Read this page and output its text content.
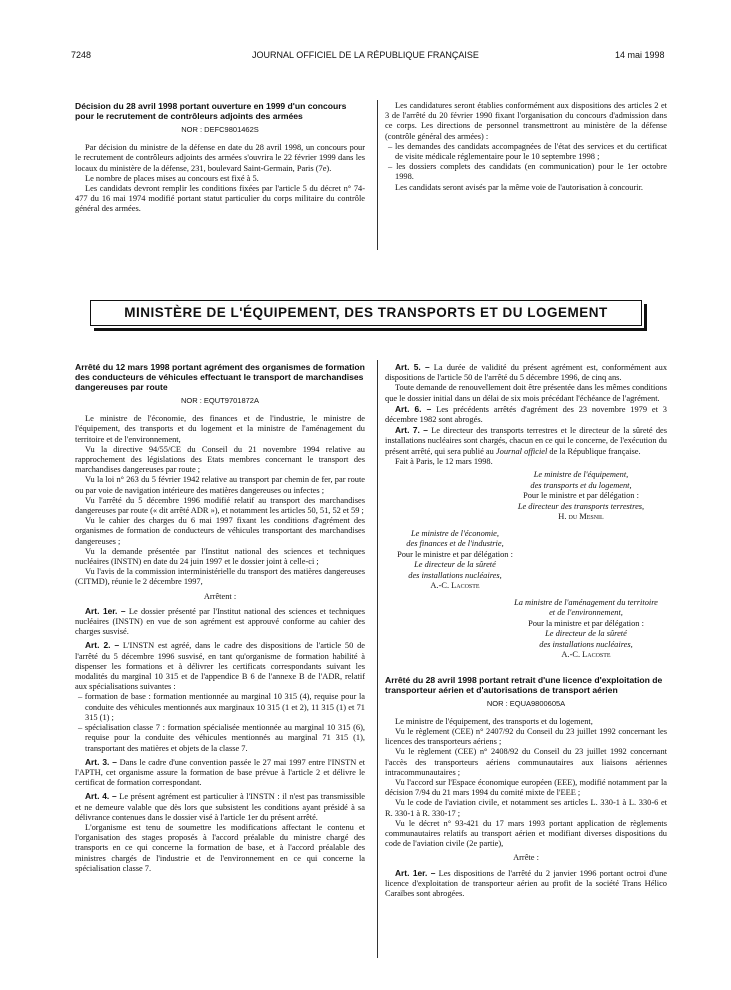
7248	JOURNAL OFFICIEL DE LA RÉPUBLIQUE FRANÇAISE	14 mai 1998
Décision du 28 avril 1998 portant ouverture en 1999 d'un concours pour le recrutement de contrôleurs adjoints des armées
NOR : DEFC9801462S

Par décision du ministre de la défense en date du 28 avril 1998, un concours pour le recrutement de contrôleurs adjoints des armées s'ouvrira le 22 février 1999 dans les locaux du ministère de la défense, 231, boulevard Saint-Germain, Paris (7e).

Le nombre de places mises au concours est fixé à 5.

Les candidats devront remplir les conditions fixées par l'article 5 du décret n° 74-477 du 16 mai 1974 modifié portant statut particulier du corps militaire du contrôle général des armées.

Les candidatures seront établies conformément aux dispositions des articles 2 et 3 de l'arrêté du 20 février 1990 fixant l'organisation du concours d'admission dans ce corps. Les directions de personnel transmettront au ministère de la défense (contrôle général des armées) :

– les demandes des candidats accompagnées de l'état des services et du certificat de visite médicale réglementaire pour le 10 septembre 1998 ;

– les dossiers complets des candidats (en communication) pour le 1er octobre 1998.

Les candidats seront avisés par la même voie de l'autorisation à concourir.

MINISTÈRE DE L'ÉQUIPEMENT, DES TRANSPORTS ET DU LOGEMENT
Arrêté du 12 mars 1998 portant agrément des organismes de formation des conducteurs de véhicules effectuant le transport de marchandises dangereuses par route
NOR : EQUT9701872A

Le ministre de l'économie, des finances et de l'industrie, le ministre de l'équipement, des transports et du logement et la ministre de l'aménagement du territoire et de l'environnement,

Vu la directive 94/55/CE du Conseil du 21 novembre 1994 relative au rapprochement des législations des Etats membres concernant le transport des marchandises dangereuses par route ;

Vu la loi n° 263 du 5 février 1942 relative au transport par chemin de fer, par route ou par voie de navigation intérieure des matières dangereuses ou infectes ;

Vu l'arrêté du 5 décembre 1996 modifié relatif au transport des marchandises dangereuses par route (« dit arrêté ADR »), et notamment les articles 50, 51, 52 et 59 ;

Vu le cahier des charges du 6 mai 1997 fixant les conditions d'agrément des organismes de formation de conducteurs de véhicules transportant des marchandises dangereuses ;

Vu la demande présentée par l'Institut national des sciences et techniques nucléaires (INSTN) en date du 24 juin 1997 et le dossier joint à celle-ci ;

Vu l'avis de la commission interministérielle du transport des matières dangereuses (CITMD), réunie le 2 décembre 1997,

Arrêtent :

Art. 1er. – Le dossier présenté par l'Institut national des sciences et techniques nucléaires (INSTN) en vue de son agrément est approuvé conforme au cahier des charges susvisé.

Art. 2. – L'INSTN est agréé, dans le cadre des dispositions de l'article 50 de l'arrêté du 5 décembre 1996 susvisé, en tant qu'organisme de formation habilité à dispenser les formations et à délivrer les certificats correspondants suivant les modalités du marginal 10 315 et de l'appendice B 6 de l'annexe B de l'ADR, relatif aux spécialisations suivantes :

– formation de base : formation mentionnée au marginal 10 315 (4), requise pour la conduite des véhicules mentionnés aux marginaux 10 315 (1 et 2), 11 315 (1) et 71 315 (1) ;

– spécialisation classe 7 : formation spécialisée mentionnée au marginal 10 315 (6), requise pour la conduite des véhicules mentionnés au marginal 71 315 (1), transportant des matières et objets de la classe 7.

Art. 3. – Dans le cadre d'une convention passée le 27 mai 1997 entre l'INSTN et l'APTH, cet organisme assure la formation de base prévue à l'article 2 et délivre le certificat de formation correspondant.

Art. 4. – Le présent agrément est particulier à l'INSTN : il n'est pas transmissible et ne demeure valable que dès lors que subsistent les conditions ayant présidé à sa délivrance contenues dans le dossier visé à l'article 1er du présent arrêté.

L'organisme est tenu de soumettre les modifications affectant le contenu et l'organisation des stages proposés à l'accord préalable du ministre chargé des transports en ce qui concerne la formation de base, et à l'accord préalable des ministres chargés de l'industrie et de l'environnement en ce qui concerne la spécialisation classe 7.

Art. 5. – La durée de validité du présent agrément est, conformément aux dispositions de l'article 50 de l'arrêté du 5 décembre 1996, de cinq ans.

Toute demande de renouvellement doit être présentée dans les mêmes conditions que le dossier initial dans un délai de six mois précédant l'échéance de l'agrément.

Art. 6. – Les précédents arrêtés d'agrément des 23 novembre 1979 et 3 décembre 1982 sont abrogés.

Art. 7. – Le directeur des transports terrestres et le directeur de la sûreté des installations nucléaires sont chargés, chacun en ce qui le concerne, de l'exécution du présent arrêté, qui sera publié au Journal officiel de la République française.

Fait à Paris, le 12 mars 1998.

Le ministre de l'équipement,
des transports et du logement,
Pour le ministre et par délégation :
Le directeur des transports terrestres,
H. du Mesnil
Le ministre de l'économie,
des finances et de l'industrie,
Pour le ministre et par délégation :
Le directeur de la sûreté
des installations nucléaires,
A.-C. Lacoste
La ministre de l'aménagement du territoire
et de l'environnement,
Pour la ministre et par délégation :
Le directeur de la sûreté
des installations nucléaires,
A.-C. Lacoste
Arrêté du 28 avril 1998 portant retrait d'une licence d'exploitation de transporteur aérien et d'autorisations de transport aérien
NOR : EQUA9800605A

Le ministre de l'équipement, des transports et du logement,

Vu le règlement (CEE) n° 2407/92 du Conseil du 23 juillet 1992 concernant les licences des transporteurs aériens ;

Vu le règlement (CEE) n° 2408/92 du Conseil du 23 juillet 1992 concernant l'accès des transporteurs aériens communautaires aux liaisons aériennes intracommunautaires ;

Vu l'accord sur l'Espace économique européen (EEE), modifié notamment par la décision 7/94 du 21 mars 1994 du comité mixte de l'EEE ;

Vu le code de l'aviation civile, et notamment ses articles L. 330-1 à L. 330-6 et R. 330-1 à R. 330-17 ;

Vu le décret n° 93-421 du 17 mars 1993 portant application de règlements communautaires relatifs au transport aérien et modifiant diverses dispositions du code de l'aviation civile (2e partie),

Arrête :

Art. 1er. – Les dispositions de l'arrêté du 2 janvier 1996 portant octroi d'une licence d'exploitation de transporteur aérien au profit de la société Trans Hélico Caraïbes sont abrogées.
